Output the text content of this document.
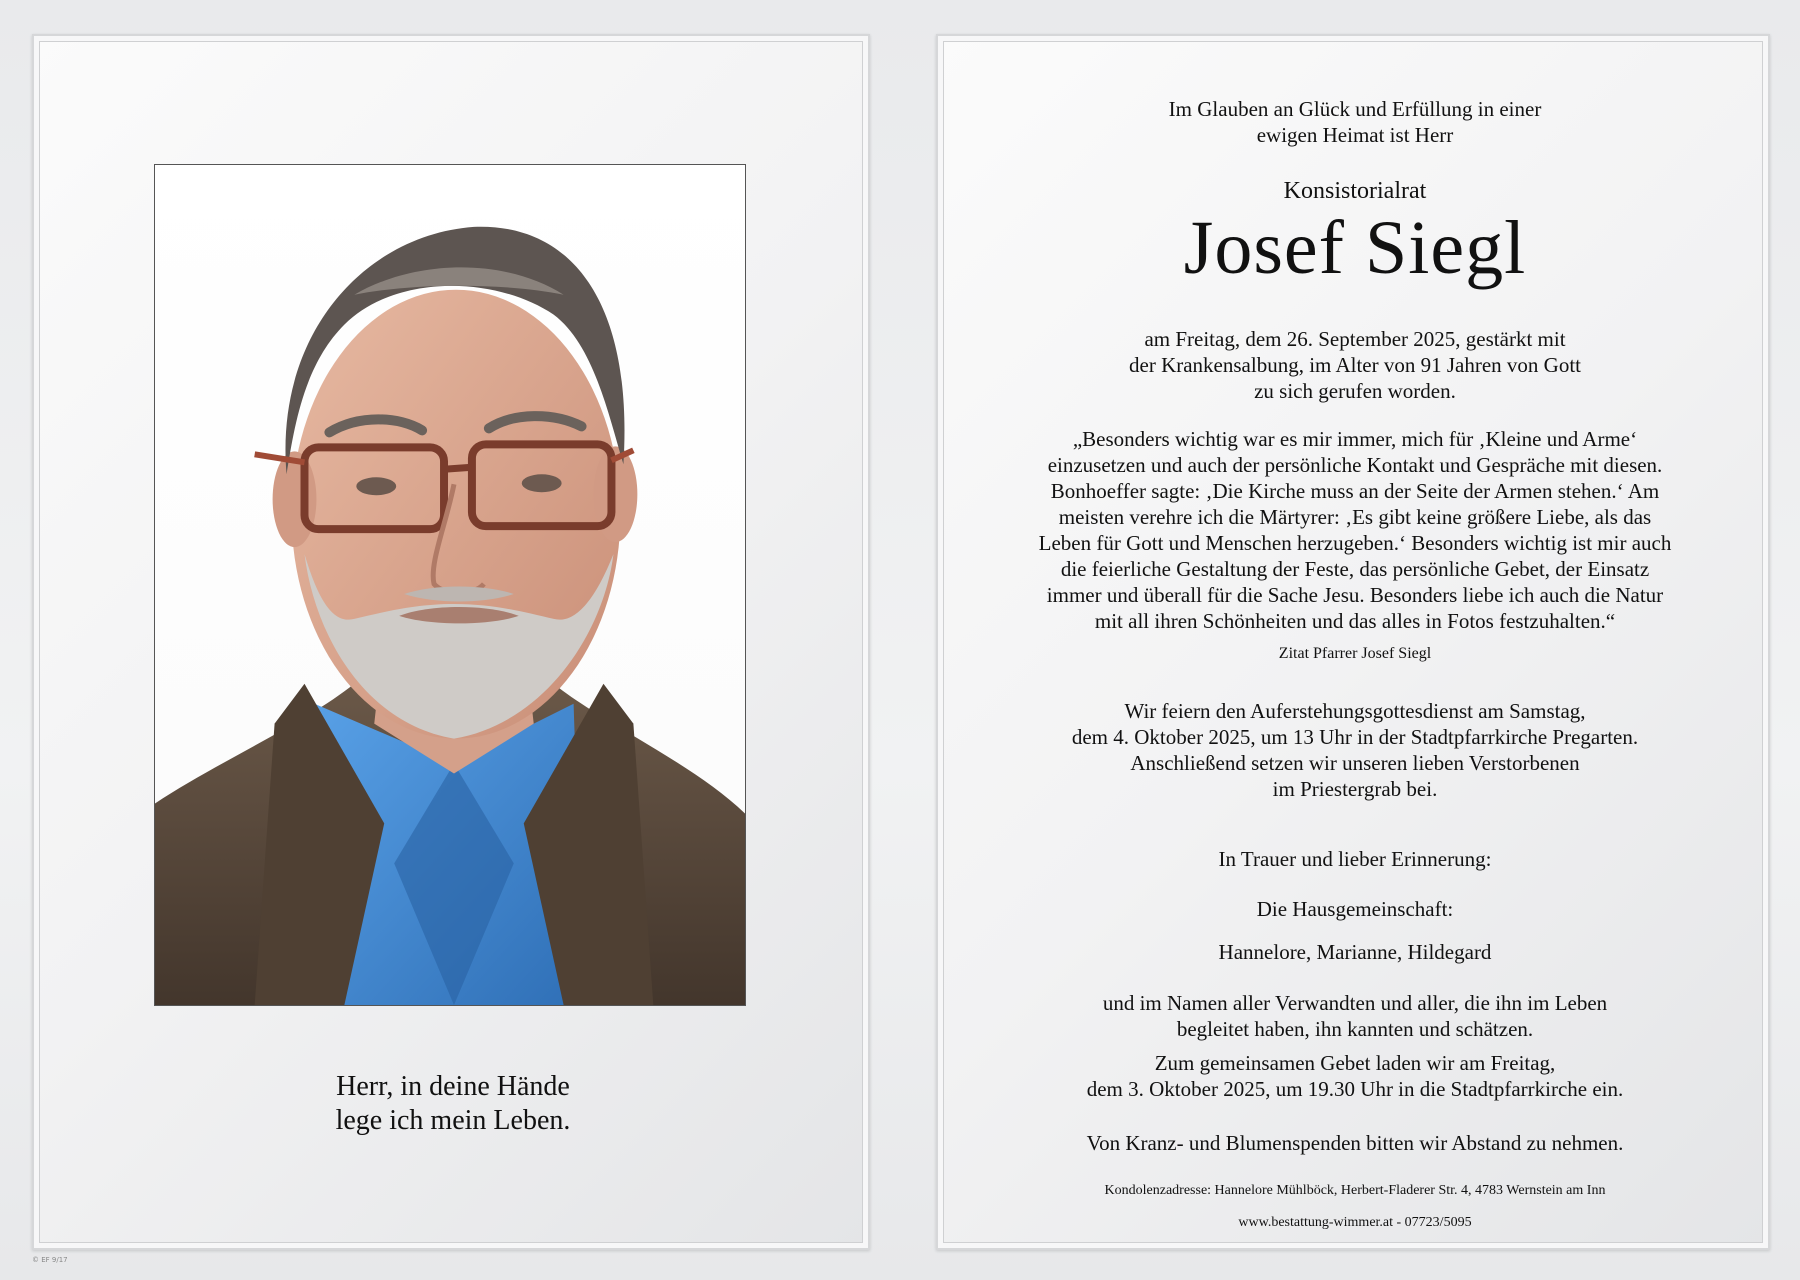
Herr, in deine Hände
lege ich mein Leben.
Im Glauben an Glück und Erfüllung in einer
ewigen Heimat ist Herr
Konsistorialrat
Josef Siegl
am Freitag, dem 26. September 2025, gestärkt mit
der Krankensalbung, im Alter von 91 Jahren von Gott
zu sich gerufen worden.
„Besonders wichtig war es mir immer, mich für ‚Kleine und Arme‘
einzusetzen und auch der persönliche Kontakt und Gespräche mit diesen.
Bonhoeffer sagte: ‚Die Kirche muss an der Seite der Armen stehen.‘ Am
meisten verehre ich die Märtyrer: ‚Es gibt keine größere Liebe, als das
Leben für Gott und Menschen herzugeben.‘ Besonders wichtig ist mir auch
die feierliche Gestaltung der Feste, das persönliche Gebet, der Einsatz
immer und überall für die Sache Jesu. Besonders liebe ich auch die Natur
mit all ihren Schönheiten und das alles in Fotos festzuhalten.“
Zitat Pfarrer Josef Siegl
Wir feiern den Auferstehungsgottesdienst am Samstag,
dem 4. Oktober 2025, um 13 Uhr in der Stadtpfarrkirche Pregarten.
Anschließend setzen wir unseren lieben Verstorbenen
im Priestergrab bei.
In Trauer und lieber Erinnerung:
Die Hausgemeinschaft:
Hannelore, Marianne, Hildegard
und im Namen aller Verwandten und aller, die ihn im Leben
begleitet haben, ihn kannten und schätzen.
Zum gemeinsamen Gebet laden wir am Freitag,
dem 3. Oktober 2025, um 19.30 Uhr in die Stadtpfarrkirche ein.
Von Kranz- und Blumenspenden bitten wir Abstand zu nehmen.
Kondolenzadresse: Hannelore Mühlböck, Herbert-Fladerer Str. 4, 4783 Wernstein am Inn
www.bestattung-wimmer.at - 07723/5095
© EF 9/17
